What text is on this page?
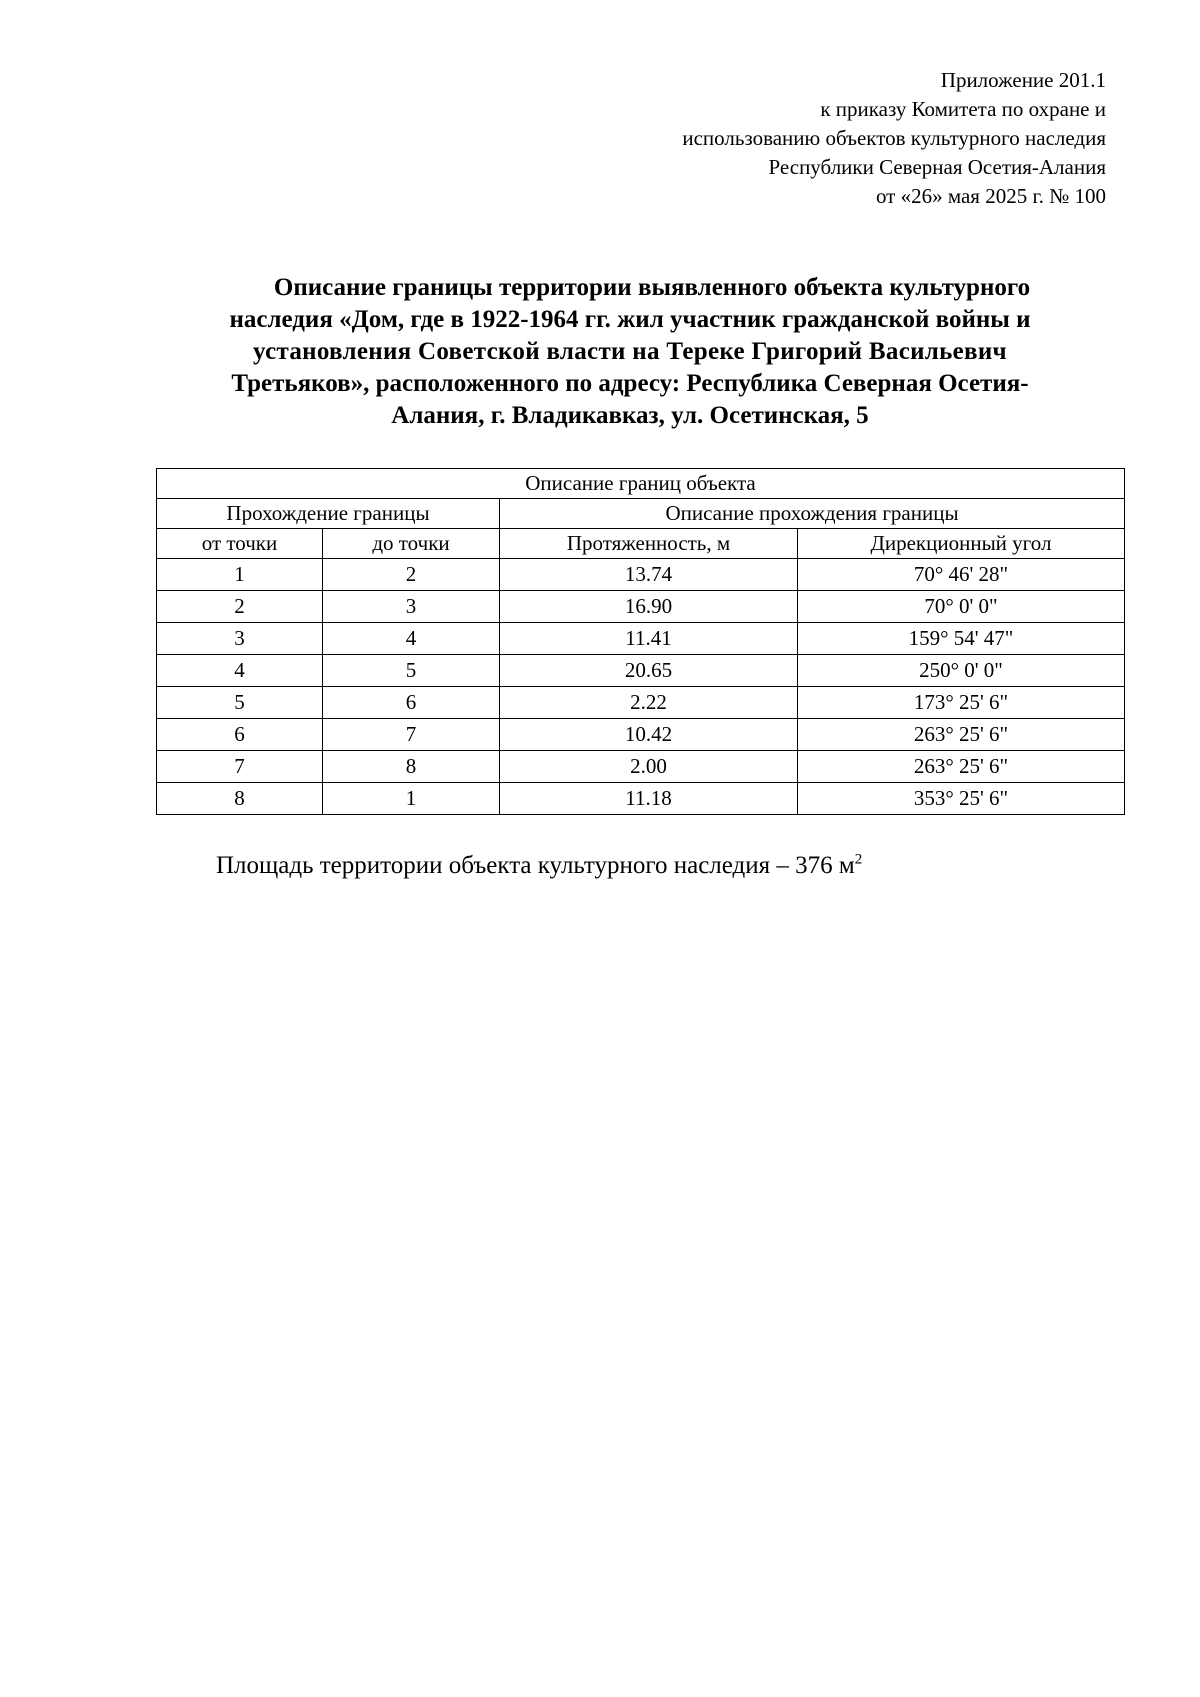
Приложение 201.1
к приказу Комитета по охране и
использованию объектов культурного наследия
Республики Северная Осетия-Алания
от «26» мая 2025 г. № 100
Описание границы территории выявленного объекта культурного
наследия «Дом, где в 1922-1964 гг. жил участник гражданской войны и
установления Советской власти на Тереке Григорий Васильевич
Третьяков», расположенного по адресу: Республика Северная Осетия-
Алания, г. Владикавказ, ул. Осетинская, 5
Описание границ объекта			
Прохождение границы		Описание прохождения границы	
от точки	до точки	Протяженность, м	Дирекционный угол
1	2	13.74	70° 46' 28"
2	3	16.90	70° 0' 0"
3	4	11.41	159° 54' 47"
4	5	20.65	250° 0' 0"
5	6	2.22	173° 25' 6"
6	7	10.42	263° 25' 6"
7	8	2.00	263° 25' 6"
8	1	11.18	353° 25' 6"
Площадь территории объекта культурного наследия – 376 $м^2$
